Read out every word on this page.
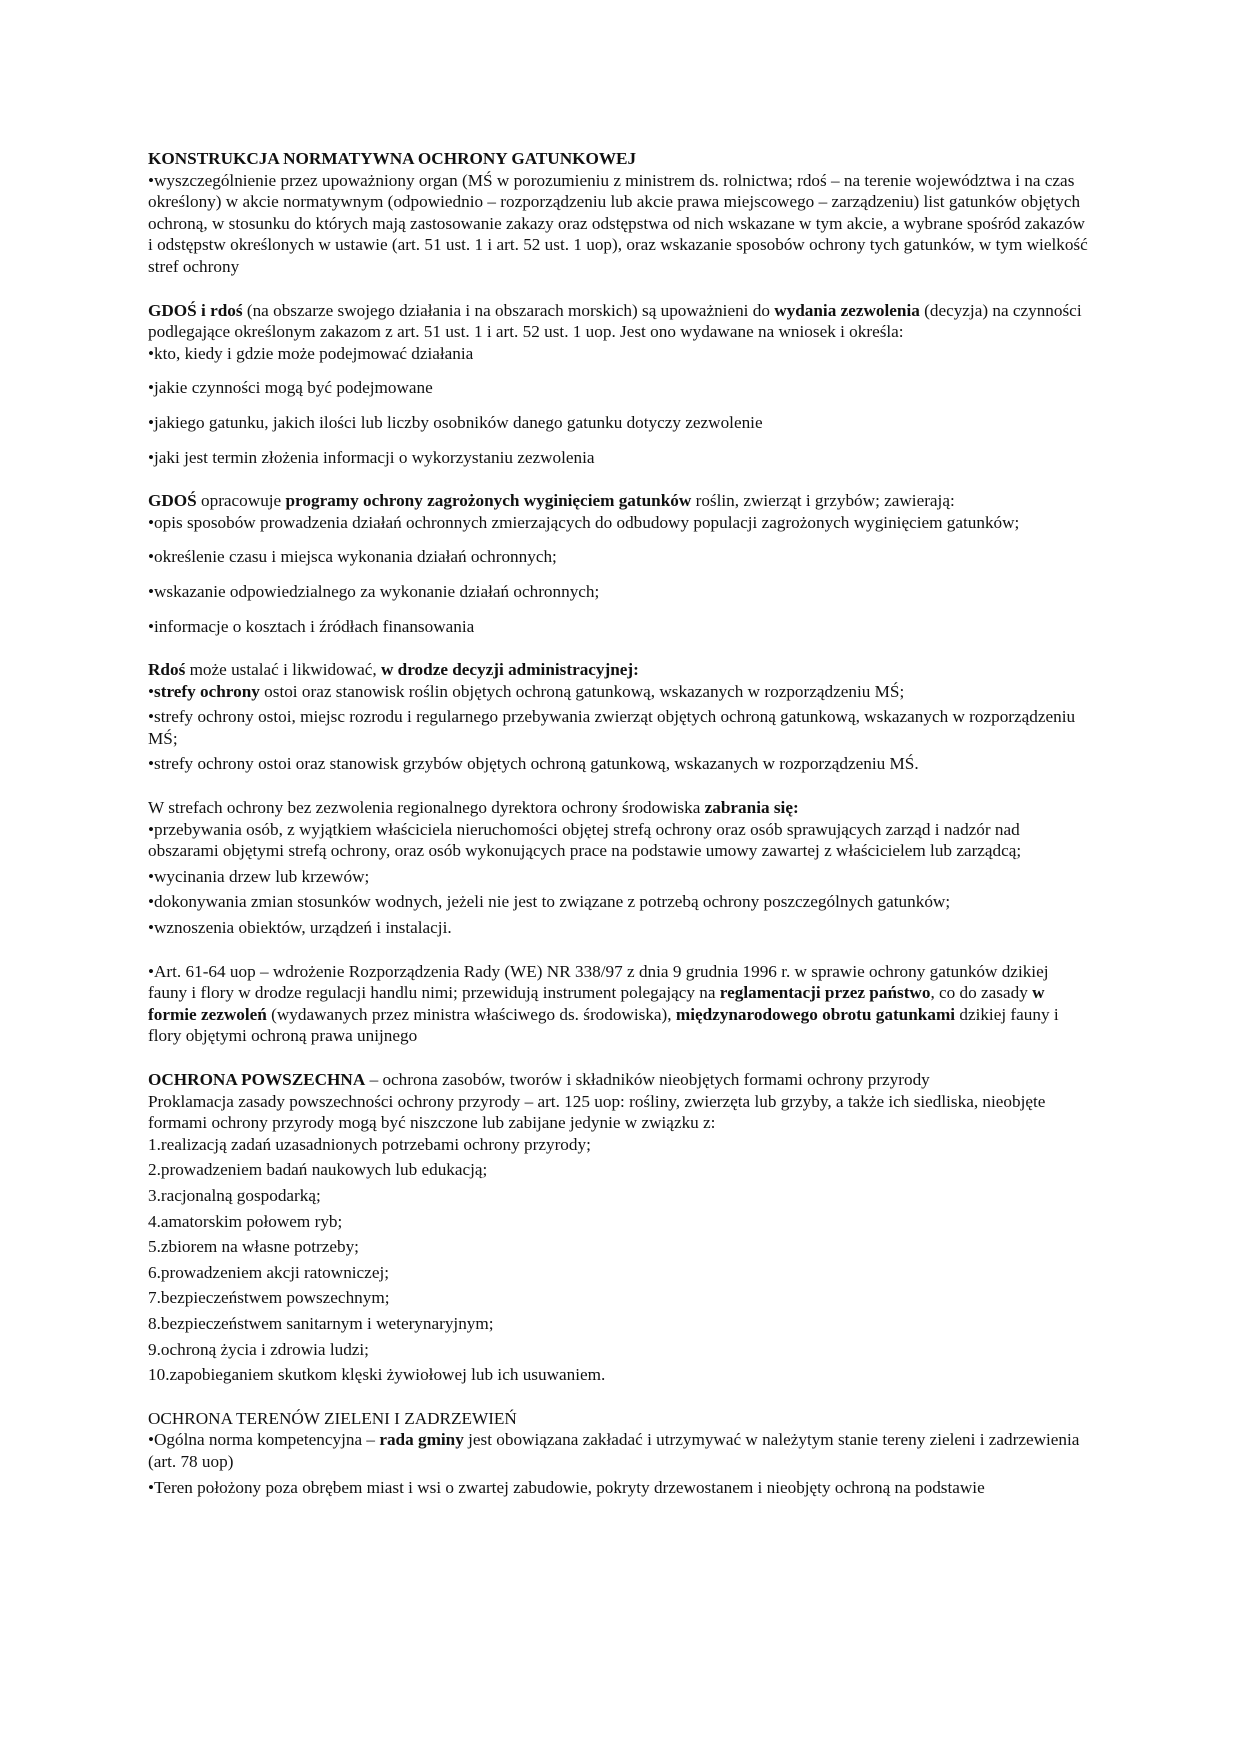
KONSTRUKCJA NORMATYWNA OCHRONY GATUNKOWEJ

•wyszczególnienie przez upoważniony organ (MŚ w porozumieniu z ministrem ds. rolnictwa; rdoś – na terenie województwa i na czas określony) w akcie normatywnym (odpowiednio – rozporządzeniu lub akcie prawa miejscowego – zarządzeniu) list gatunków objętych ochroną, w stosunku do których mają zastosowanie zakazy oraz odstępstwa od nich wskazane w tym akcie, a wybrane spośród zakazów i odstępstw określonych w ustawie (art. 51 ust. 1 i art. 52 ust. 1 uop), oraz wskazanie sposobów ochrony tych gatunków, w tym wielkość stref ochrony

GDOŚ i rdoś (na obszarze swojego działania i na obszarach morskich) są upoważnieni do wydania zezwolenia (decyzja) na czynności podlegające określonym zakazom z art. 51 ust. 1 i art. 52 ust. 1 uop. Jest ono wydawane na wniosek i określa:

•kto, kiedy i gdzie może podejmować działania

•jakie czynności mogą być podejmowane

•jakiego gatunku, jakich ilości lub liczby osobników danego gatunku dotyczy zezwolenie

•jaki jest termin złożenia informacji o wykorzystaniu zezwolenia

GDOŚ opracowuje programy ochrony zagrożonych wyginięciem gatunków roślin, zwierząt i grzybów; zawierają:

•opis sposobów prowadzenia działań ochronnych zmierzających do odbudowy populacji zagrożonych wyginięciem gatunków;

•określenie czasu i miejsca wykonania działań ochronnych;

•wskazanie odpowiedzialnego za wykonanie działań ochronnych;

•informacje o kosztach i źródłach finansowania

Rdoś może ustalać i likwidować, w drodze decyzji administracyjnej:

•strefy ochrony ostoi oraz stanowisk roślin objętych ochroną gatunkową, wskazanych w rozporządzeniu MŚ;

•strefy ochrony ostoi, miejsc rozrodu i regularnego przebywania zwierząt objętych ochroną gatunkową, wskazanych w rozporządzeniu MŚ;

•strefy ochrony ostoi oraz stanowisk grzybów objętych ochroną gatunkową, wskazanych w rozporządzeniu MŚ.

W strefach ochrony bez zezwolenia regionalnego dyrektora ochrony środowiska zabrania się:

•przebywania osób, z wyjątkiem właściciela nieruchomości objętej strefą ochrony oraz osób sprawujących zarząd i nadzór nad obszarami objętymi strefą ochrony, oraz osób wykonujących prace na podstawie umowy zawartej z właścicielem lub zarządcą;

•wycinania drzew lub krzewów;

•dokonywania zmian stosunków wodnych, jeżeli nie jest to związane z potrzebą ochrony poszczególnych gatunków;

•wznoszenia obiektów, urządzeń i instalacji.

•Art. 61-64 uop – wdrożenie Rozporządzenia Rady (WE) NR 338/97 z dnia 9 grudnia 1996 r. w sprawie ochrony gatunków dzikiej fauny i flory w drodze regulacji handlu nimi; przewidują instrument polegający na reglamentacji przez państwo, co do zasady w formie zezwoleń (wydawanych przez ministra właściwego ds. środowiska), międzynarodowego obrotu gatunkami dzikiej fauny i flory objętymi ochroną prawa unijnego

OCHRONA POWSZECHNA – ochrona zasobów, tworów i składników nieobjętych formami ochrony przyrody

Proklamacja zasady powszechności ochrony przyrody – art. 125 uop: rośliny, zwierzęta lub grzyby, a także ich siedliska, nieobjęte formami ochrony przyrody mogą być niszczone lub zabijane jedynie w związku z:

1.realizacją zadań uzasadnionych potrzebami ochrony przyrody;

2.prowadzeniem badań naukowych lub edukacją;

3.racjonalną gospodarką;

4.amatorskim połowem ryb;

5.zbiorem na własne potrzeby;

6.prowadzeniem akcji ratowniczej;

7.bezpieczeństwem powszechnym;

8.bezpieczeństwem sanitarnym i weterynaryjnym;

9.ochroną życia i zdrowia ludzi;

10.zapobieganiem skutkom klęski żywiołowej lub ich usuwaniem.

OCHRONA TERENÓW ZIELENI I ZADRZEWIEŃ

•Ogólna norma kompetencyjna – rada gminy jest obowiązana zakładać i utrzymywać w należytym stanie tereny zieleni i zadrzewienia (art. 78 uop)

•Teren położony poza obrębem miast i wsi o zwartej zabudowie, pokryty drzewostanem i nieobjęty ochroną na podstawie
